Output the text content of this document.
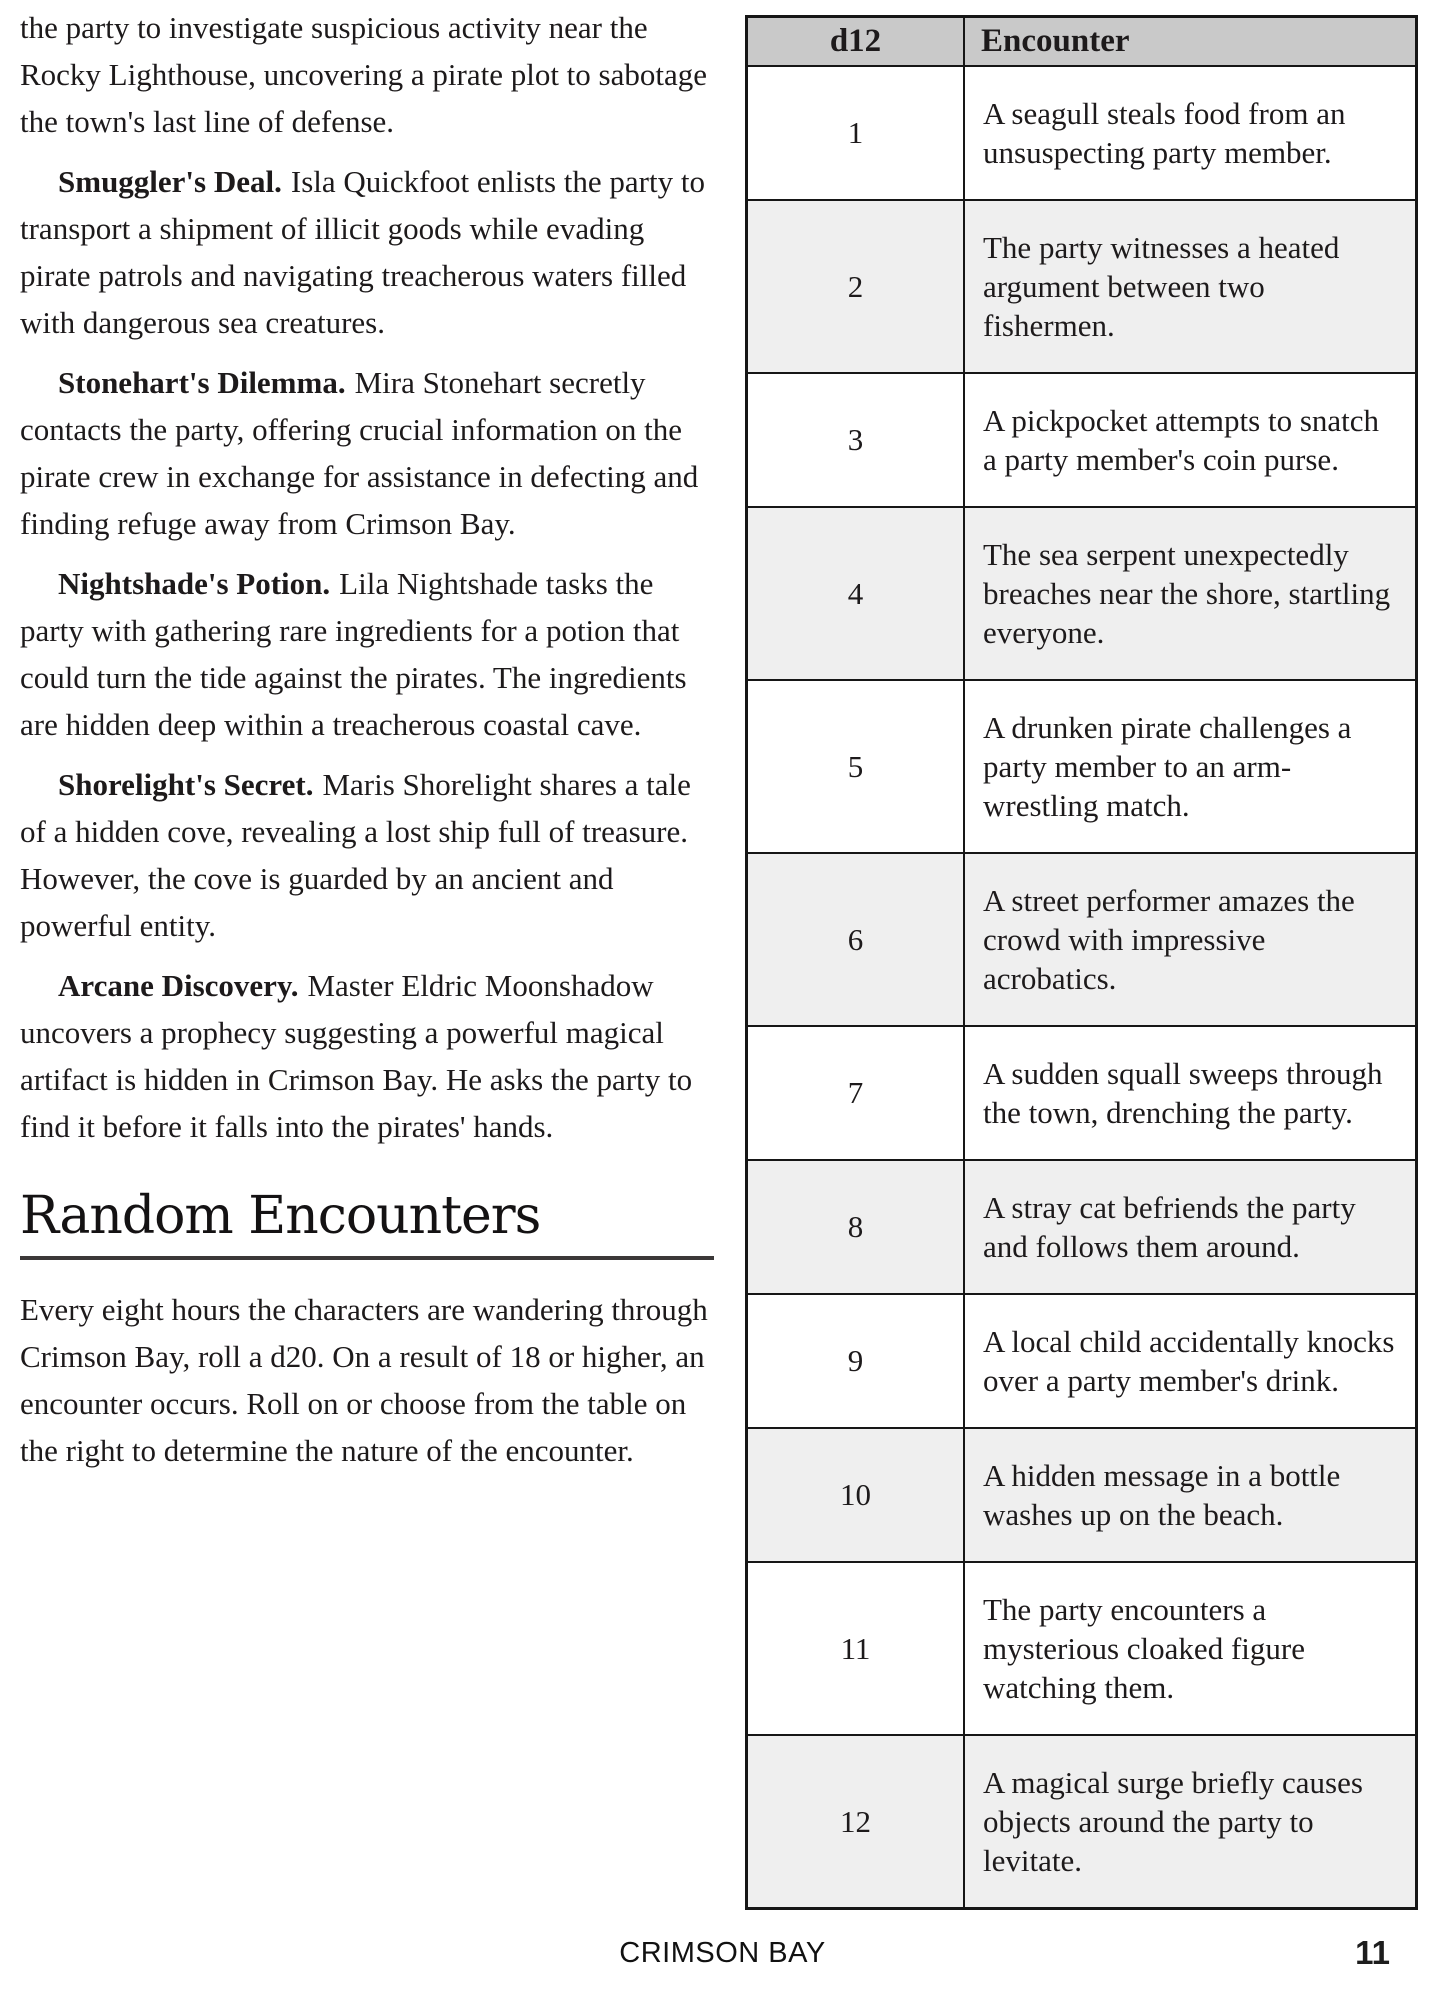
the party to investigate suspicious activity near the Rocky Lighthouse, uncovering a pirate plot to sabotage the town's last line of defense.

Smuggler's Deal. Isla Quickfoot enlists the party to transport a shipment of illicit goods while evading pirate patrols and navigating treacherous waters filled with dangerous sea creatures.

Stonehart's Dilemma. Mira Stonehart secretly contacts the party, offering crucial information on the pirate crew in exchange for assistance in defecting and finding refuge away from Crimson Bay.

Nightshade's Potion. Lila Nightshade tasks the party with gathering rare ingredients for a potion that could turn the tide against the pirates. The ingredients are hidden deep within a treacherous coastal cave.

Shorelight's Secret. Maris Shorelight shares a tale of a hidden cove, revealing a lost ship full of treasure. However, the cove is guarded by an ancient and powerful entity.

Arcane Discovery. Master Eldric Moonshadow uncovers a prophecy suggesting a powerful magical artifact is hidden in Crimson Bay. He asks the party to find it before it falls into the pirates' hands.

Random Encounters

Every eight hours the characters are wandering through Crimson Bay, roll a d20. On a result of 18 or higher, an encounter occurs. Roll on or choose from the table on the right to determine the nature of the encounter.

d12	Encounter
1	A seagull steals food from an unsuspecting party member.
2	The party witnesses a heated argument between two fishermen.
3	A pickpocket attempts to snatch a party member's coin purse.
4	The sea serpent unexpectedly breaches near the shore, startling everyone.
5	A drunken pirate challenges a party member to an arm-wrestling match.
6	A street performer amazes the crowd with impressive acrobatics.
7	A sudden squall sweeps through the town, drenching the party.
8	A stray cat befriends the party and follows them around.
9	A local child accidentally knocks over a party member's drink.
10	A hidden message in a bottle washes up on the beach.
11	The party encounters a mysterious cloaked figure watching them.
12	A magical surge briefly causes objects around the party to levitate.
CRIMSON BAY	11
